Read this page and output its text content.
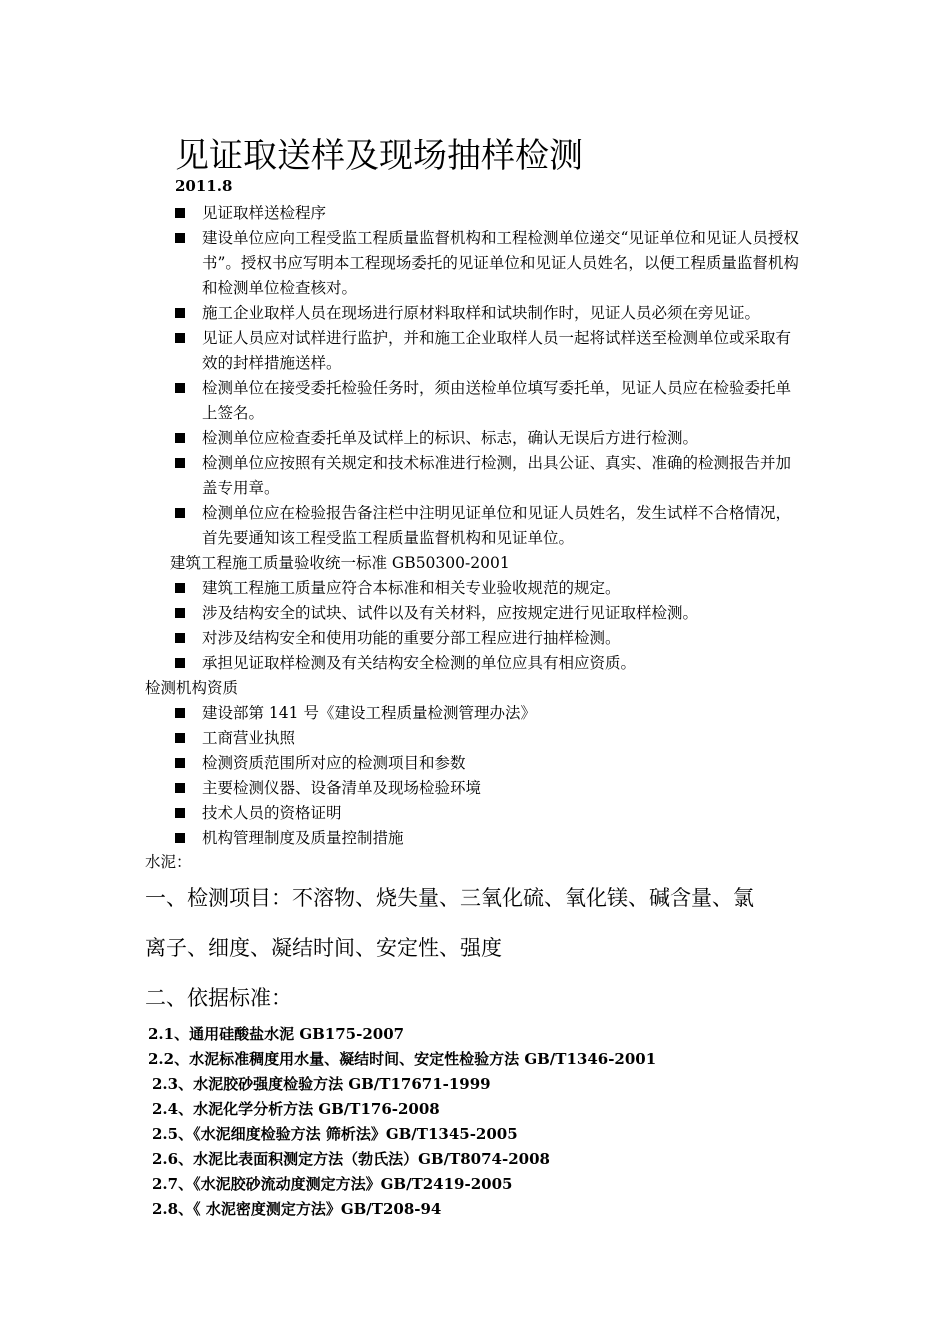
见证取送样及现场抽样检测
2011.8
见证取样送检程序
建设单位应向工程受监工程质量监督机构和工程检测单位递交“见证单位和见证人员授权书”。授权书应写明本工程现场委托的见证单位和见证人员姓名，以便工程质量监督机构和检测单位检查核对。
施工企业取样人员在现场进行原材料取样和试块制作时，见证人员必须在旁见证。
见证人员应对试样进行监护，并和施工企业取样人员一起将试样送至检测单位或采取有效的封样措施送样。
检测单位在接受委托检验任务时，须由送检单位填写委托单，见证人员应在检验委托单上签名。
检测单位应检查委托单及试样上的标识、标志，确认无误后方进行检测。
检测单位应按照有关规定和技术标准进行检测，出具公证、真实、准确的检测报告并加盖专用章。
检测单位应在检验报告备注栏中注明见证单位和见证人员姓名，发生试样不合格情况，首先要通知该工程受监工程质量监督机构和见证单位。
建筑工程施工质量验收统一标准 GB50300-2001
建筑工程施工质量应符合本标准和相关专业验收规范的规定。
涉及结构安全的试块、试件以及有关材料，应按规定进行见证取样检测。
对涉及结构安全和使用功能的重要分部工程应进行抽样检测。
承担见证取样检测及有关结构安全检测的单位应具有相应资质。
检测机构资质
建设部第 141 号《建设工程质量检测管理办法》
工商营业执照
检测资质范围所对应的检测项目和参数
主要检测仪器、设备清单及现场检验环境
技术人员的资格证明
机构管理制度及质量控制措施
水泥：
一、检测项目：不溶物、烧失量、三氧化硫、氧化镁、碱含量、氯
离子、细度、凝结时间、安定性、强度
二、依据标准：
2.1、通用硅酸盐水泥 GB175-2007
2.2、水泥标准稠度用水量、凝结时间、安定性检验方法 GB/T1346-2001
2.3、水泥胶砂强度检验方法 GB/T17671-1999
2.4、水泥化学分析方法 GB/T176-2008
2.5、《水泥细度检验方法 筛析法》GB/T1345-2005
2.6、水泥比表面积测定方法（勃氏法）GB/T8074-2008
2.7、《水泥胶砂流动度测定方法》GB/T2419-2005
2.8、《 水泥密度测定方法》GB/T208-94
